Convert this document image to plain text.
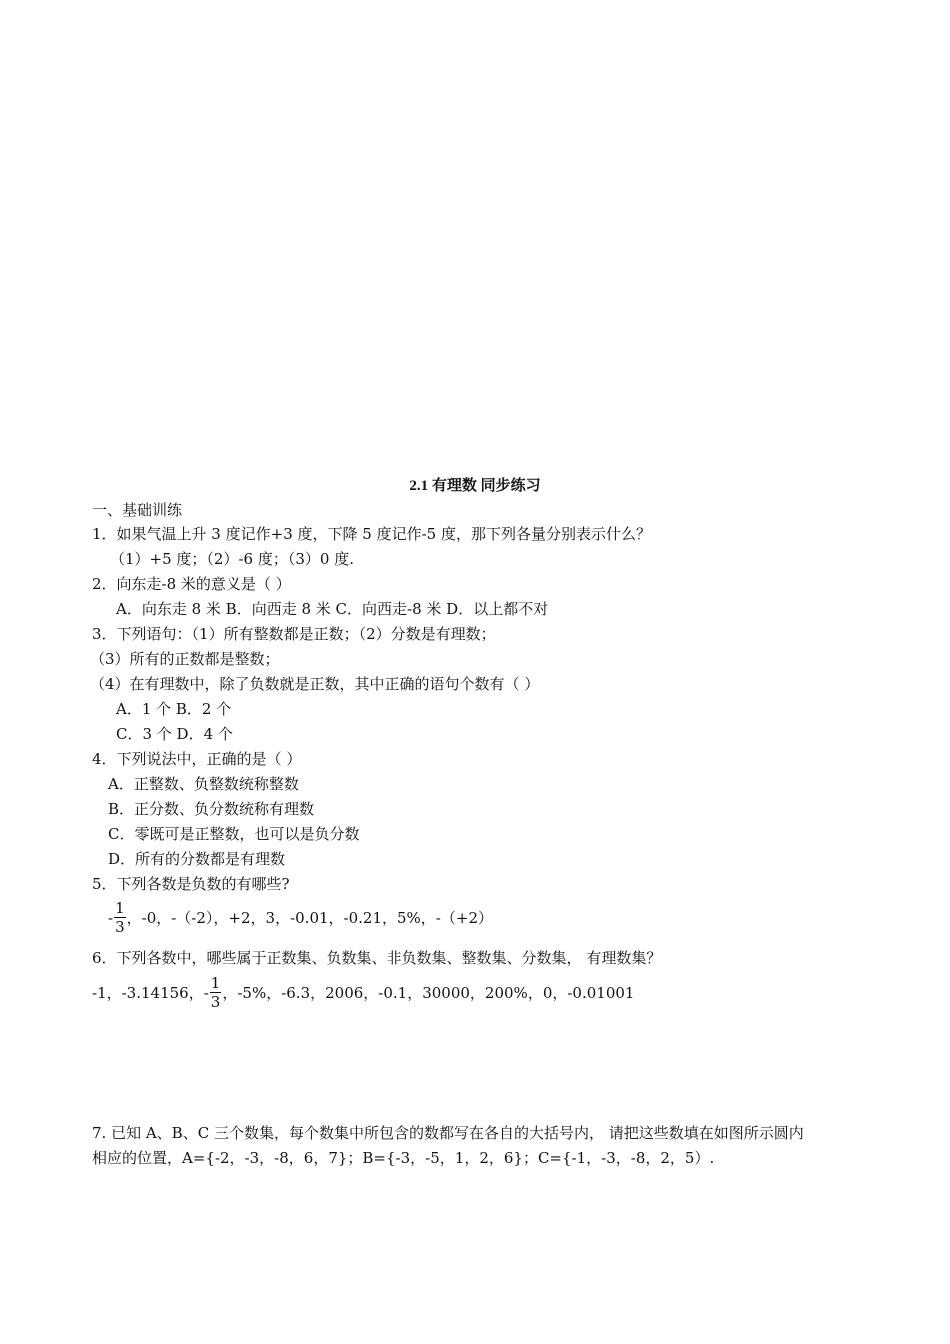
2.1 有理数 同步练习
一、基础训练
1．如果气温上升 3 度记作+3 度，下降 5 度记作-5 度，那下列各量分别表示什么？
（1）+5 度；（2）-6 度；（3）0 度.
2．向东走-8 米的意义是（ ）
A．向东走 8 米 B．向西走 8 米 C．向西走-8 米 D．以上都不对
3．下列语句：（1）所有整数都是正数；（2）分数是有理数；
（3）所有的正数都是整数；
（4）在有理数中，除了负数就是正数，其中正确的语句个数有（ ）
A．1 个 B．2 个
C．3 个 D．4 个
4．下列说法中，正确的是（ ）
A．正整数、负整数统称整数
B．正分数、负分数统称有理数
C．零既可是正整数，也可以是负分数
D．所有的分数都是有理数
5．下列各数是负数的有哪些?
- $\frac{1}{3}$ ，-0，-（-2），+2，3，-0.01，-0.21，5%，-（+2）
6．下列各数中，哪些属于正数集、负数集、非负数集、整数集、分数集， 有理数集？
-1，-3.14156，- $\frac{1}{3}$ ，-5%，-6.3，2006，-0.1，30000，200%，0，-0.01001
7. 已知 A、B、C 三个数集，每个数集中所包含的数都写在各自的大括号内， 请把这些数填在如图所示圆内
相应的位置，A={-2，-3，-8，6，7}；B={-3，-5，1，2，6}；C={-1，-3，-8，2，5）.
